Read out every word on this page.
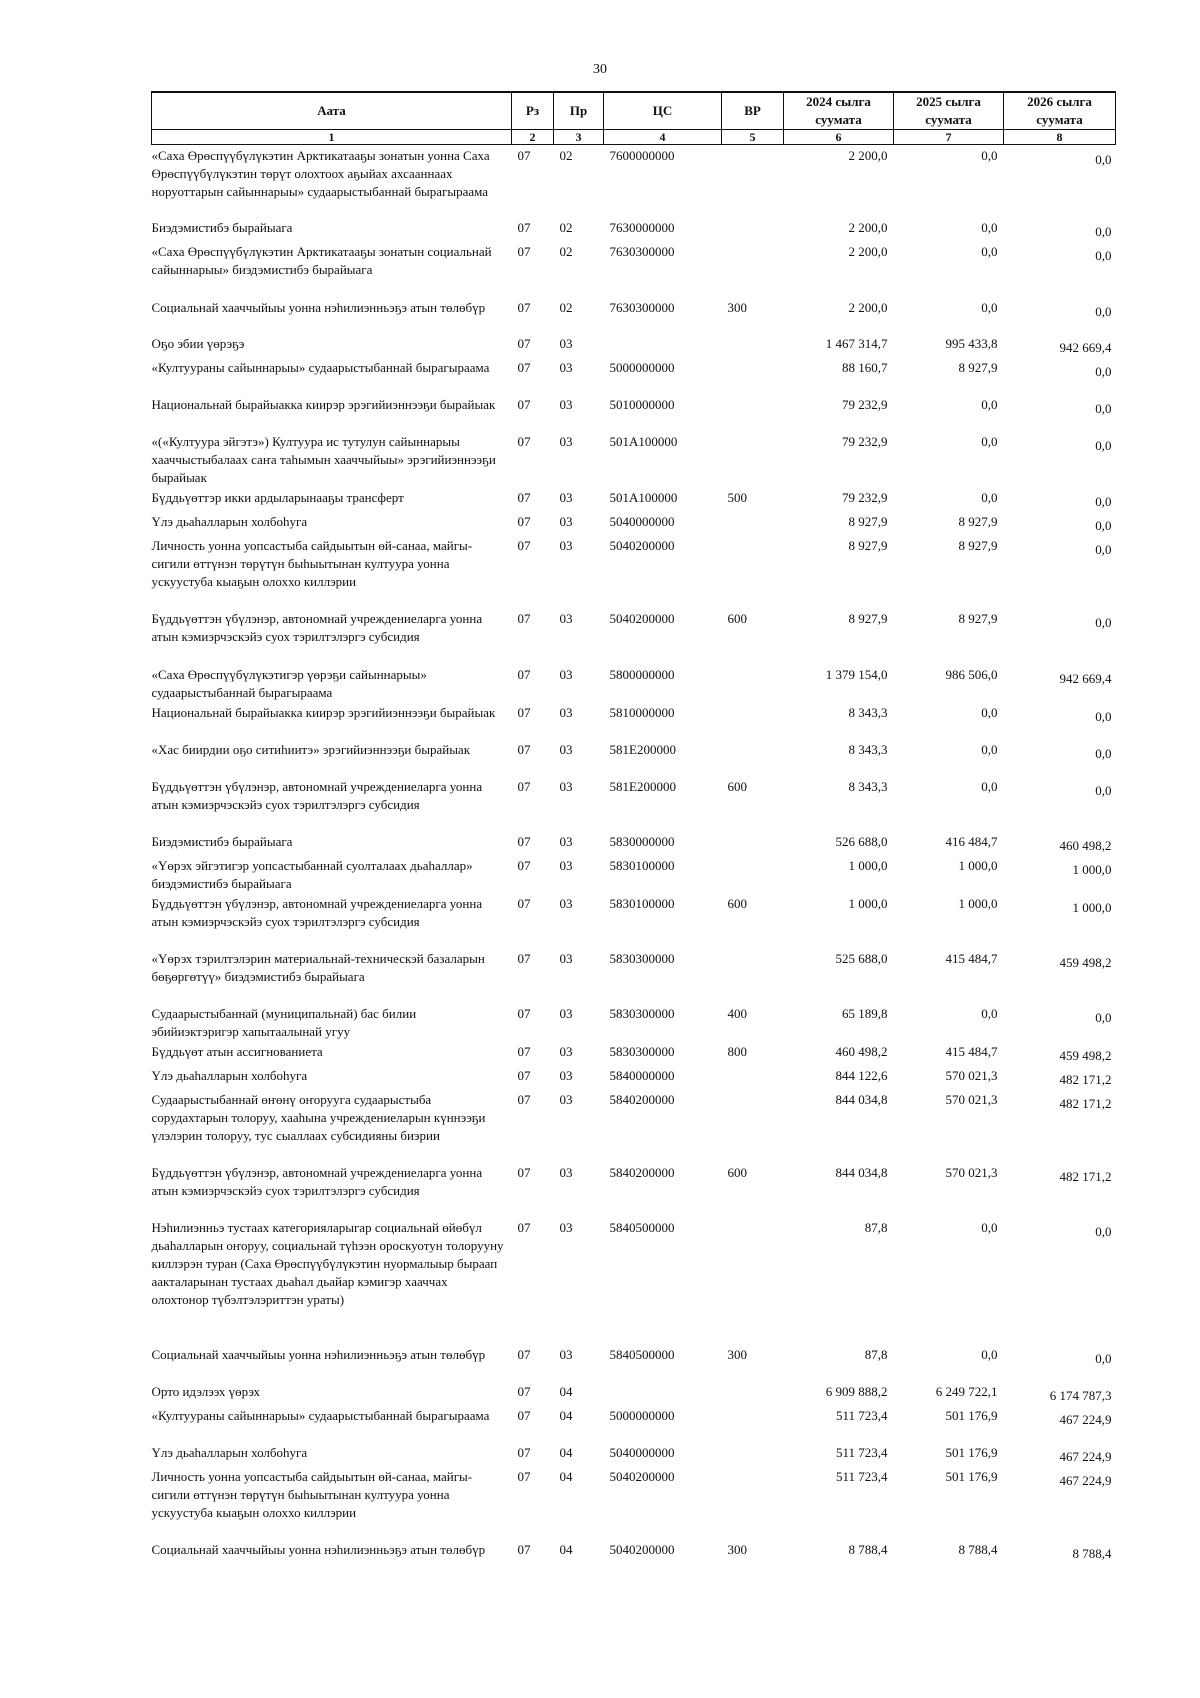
30
Аата	Рз	Пр	ЦС	ВР	2024 сылга суумата	2025 сылга суумата	2026 сылга суумата
1	2	3	4	5	6	7	8
«Саха Өрөспүүбүлүкэтин Арктикатааҕы зонатын уонна Саха Өрөспүүбүлүкэтин төрүт олохтоох аҕыйах ахсааннаах норуоттарын сайыннарыы» судаарыстыбаннай бырагыраама	07	02	7600000000		2 200,0	0,0	0,0
Биэдэмистибэ бырайыага	07	02	7630000000		2 200,0	0,0	0,0
«Саха Өрөспүүбүлүкэтин Арктикатааҕы зонатын социальнай сайыннарыы» биэдэмистибэ бырайыага	07	02	7630300000		2 200,0	0,0	0,0
Социальнай хааччыйыы уонна нэһилиэнньэҕэ атын төлөбүр	07	02	7630300000	300	2 200,0	0,0	0,0
Оҕо эбии үөрэҕэ	07	03			1 467 314,7	995 433,8	942 669,4
«Култуураны сайыннарыы» судаарыстыбаннай бырагыраама	07	03	5000000000		88 160,7	8 927,9	0,0
Национальнай бырайыакка киирэр эрэгийиэннээҕи бырайыак	07	03	5010000000		79 232,9	0,0	0,0
«(«Култуура эйгэтэ») Култуура ис тутулун сайыннарыы хааччыстыбалаах саҥа таһымын хааччыйыы» эрэгийиэннээҕи бырайыак	07	03	501A100000		79 232,9	0,0	0,0
Бүддьүөттэр икки ардыларынааҕы трансферт	07	03	501A100000	500	79 232,9	0,0	0,0
Үлэ дьаһалларын холбоһуга	07	03	5040000000		8 927,9	8 927,9	0,0
Личность уонна уопсастыба сайдыытын өй-санаа, майгы-сигили өттүнэн төрүтүн быһыытынан култуура уонна ускуустуба кыаҕын олоххо киллэрии	07	03	5040200000		8 927,9	8 927,9	0,0
Бүддьүөттэн үбүлэнэр, автономнай учреждениеларга уонна атын кэмиэрчэскэйэ суох тэрилтэлэргэ субсидия	07	03	5040200000	600	8 927,9	8 927,9	0,0
«Саха Өрөспүүбүлүкэтигэр үөрэҕи сайыннарыы» судаарыстыбаннай бырагыраама	07	03	5800000000		1 379 154,0	986 506,0	942 669,4
Национальнай бырайыакка киирэр эрэгийиэннээҕи бырайыак	07	03	5810000000		8 343,3	0,0	0,0
«Хас биирдии оҕо ситиһиитэ» эрэгийиэннээҕи бырайыак	07	03	581E200000		8 343,3	0,0	0,0
Бүддьүөттэн үбүлэнэр, автономнай учреждениеларга уонна атын кэмиэрчэскэйэ суох тэрилтэлэргэ субсидия	07	03	581E200000	600	8 343,3	0,0	0,0
Биэдэмистибэ бырайыага	07	03	5830000000		526 688,0	416 484,7	460 498,2
«Үөрэх эйгэтигэр уопсастыбаннай суолталаах дьаһаллар» биэдэмистибэ бырайыага	07	03	5830100000		1 000,0	1 000,0	1 000,0
Бүддьүөттэн үбүлэнэр, автономнай учреждениеларга уонна атын кэмиэрчэскэйэ суох тэрилтэлэргэ субсидия	07	03	5830100000	600	1 000,0	1 000,0	1 000,0
«Үөрэх тэрилтэлэрин материальнай-техническэй базаларын бөҕөргөтүү» биэдэмистибэ бырайыага	07	03	5830300000		525 688,0	415 484,7	459 498,2
Судаарыстыбаннай (муниципальнай) бас билии эбийиэктэригэр хапытаалынай угуу	07	03	5830300000	400	65 189,8	0,0	0,0
Бүддьүөт атын ассигнованиета	07	03	5830300000	800	460 498,2	415 484,7	459 498,2
Үлэ дьаһалларын холбоһуга	07	03	5840000000		844 122,6	570 021,3	482 171,2
Судаарыстыбаннай өҥөнү оҥорууга судаарыстыба сорудахтарын толоруу, хааһына учреждениеларын күннээҕи үлэлэрин толоруу, тус сыаллаах субсидияны биэрии	07	03	5840200000		844 034,8	570 021,3	482 171,2
Бүддьүөттэн үбүлэнэр, автономнай учреждениеларга уонна атын кэмиэрчэскэйэ суох тэрилтэлэргэ субсидия	07	03	5840200000	600	844 034,8	570 021,3	482 171,2
Нэһилиэнньэ тустаах категорияларыгар социальнай өйөбүл дьаһалларын оҥоруу, социальнай түһээн ороскуотун толорууну киллэрэн туран (Саха Өрөспүүбүлүкэтин нуормалыыр быраап аакталарынан тустаах дьаһал дьайар кэмигэр хааччах олохтонор түбэлтэлэриттэн ураты)	07	03	5840500000		87,8	0,0	0,0
Социальнай хааччыйыы уонна нэһилиэнньэҕэ атын төлөбүр	07	03	5840500000	300	87,8	0,0	0,0
Орто идэлээх үөрэх	07	04			6 909 888,2	6 249 722,1	6 174 787,3
«Култуураны сайыннарыы» судаарыстыбаннай бырагыраама	07	04	5000000000		511 723,4	501 176,9	467 224,9
Үлэ дьаһалларын холбоһуга	07	04	5040000000		511 723,4	501 176,9	467 224,9
Личность уонна уопсастыба сайдыытын өй-санаа, майгы-сигили өттүнэн төрүтүн быһыытынан култуура уонна ускуустуба кыаҕын олоххо киллэрии	07	04	5040200000		511 723,4	501 176,9	467 224,9
Социальнай хааччыйыы уонна нэһилиэнньэҕэ атын төлөбүр	07	04	5040200000	300	8 788,4	8 788,4	8 788,4
